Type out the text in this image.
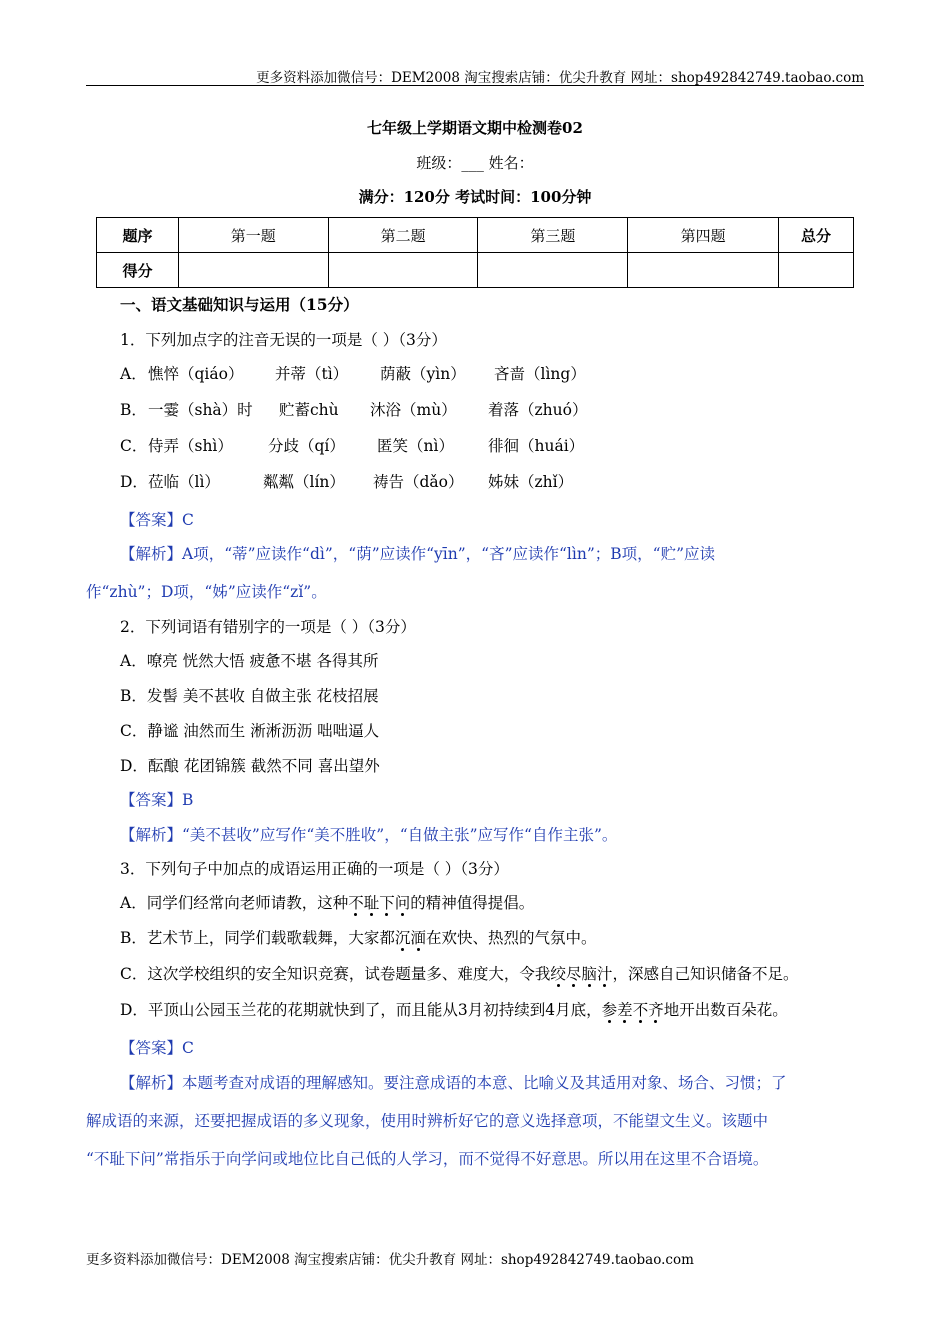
更多资料添加微信号：DEM2008 淘宝搜索店铺：优尖升教育 网址：shop492842749.taobao.com
七年级上学期语文期中检测卷02
班级：___ 姓名：
满分：120分 考试时间：100分钟
题序	第一题	第二题	第三题	第四题	总分
得分					
一、语文基础知识与运用（15分）
1．下列加点字的注音无误的一项是（ ）（3分）
A． 憔悴（qiáo） 并蒂（tì） 荫蔽（yìn） 吝啬（lìng）
B． 一霎（shà）时 贮蓄chù 沐浴（mù） 着落（zhuó）
C． 侍弄（shì） 分歧（qí） 匿笑（nì） 徘徊（huái）
D． 莅临（lì）	粼粼（lín） 祷告（dǎo） 姊妹（zhǐ）
【答案】C
【解析】A项，“蒂”应读作“dì”，“荫”应读作“yīn”，“吝”应读作“lìn”；B项，“贮”应读
作“zhù”；D项，“姊”应读作“zǐ”。
2．下列词语有错别字的一项是（ ）（3分）
A．嘹亮 恍然大悟 疲惫不堪 各得其所
B．发髻 美不甚收 自做主张 花枝招展
C．静谧 油然而生 淅淅沥沥 咄咄逼人
D．酝酿 花团锦簇 截然不同 喜出望外
【答案】B
【解析】“美不甚收”应写作“美不胜收”，“自做主张”应写作“自作主张”。
3．下列句子中加点的成语运用正确的一项是（ ）（3分）
A．同学们经常向老师请教，这种不耻下问的精神值得提倡。
B．艺术节上，同学们载歌载舞，大家都沉湎在欢快、热烈的气氛中。
C．这次学校组织的安全知识竞赛，试卷题量多、难度大，令我绞尽脑汁，深感自己知识储备不足。
D．平顶山公园玉兰花的花期就快到了，而且能从3月初持续到4月底，参差不齐地开出数百朵花。
【答案】C
【解析】本题考查对成语的理解感知。要注意成语的本意、比喻义及其适用对象、场合、习惯；了
解成语的来源，还要把握成语的多义现象，使用时辨析好它的意义选择意项，不能望文生义。该题中
“不耻下问”常指乐于向学问或地位比自己低的人学习，而不觉得不好意思。所以用在这里不合语境。
更多资料添加微信号：DEM2008 淘宝搜索店铺：优尖升教育 网址：shop492842749.taobao.com
